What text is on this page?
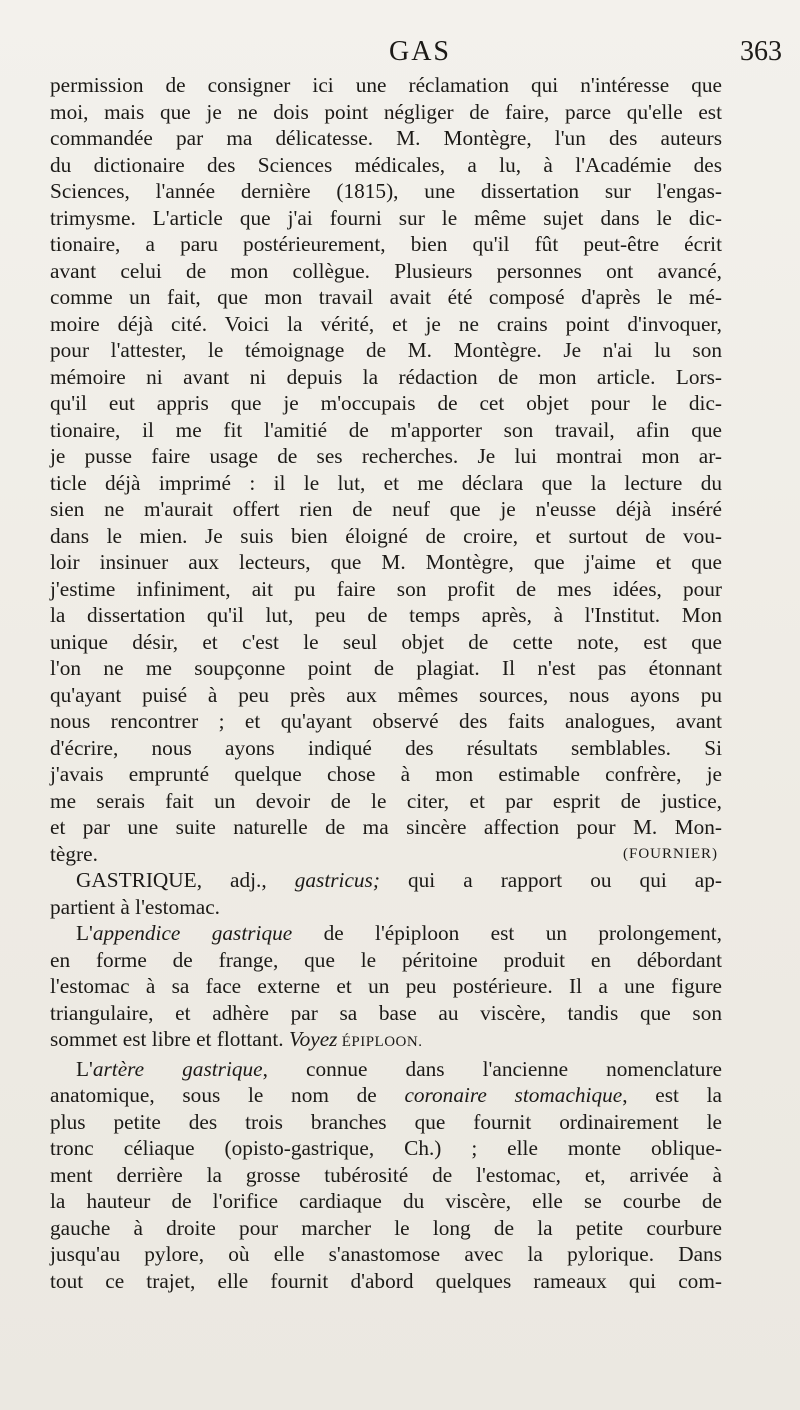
GAS	363
permission de consigner ici une réclamation qui n'intéresse que
moi, mais que je ne dois point négliger de faire, parce qu'elle est
commandée par ma délicatesse. M. Montègre, l'un des auteurs
du dictionaire des Sciences médicales, a lu, à l'Académie des
Sciences, l'année dernière (1815), une dissertation sur l'engas-
trimysme. L'article que j'ai fourni sur le même sujet dans le dic-
tionaire, a paru postérieurement, bien qu'il fût peut-être écrit
avant celui de mon collègue. Plusieurs personnes ont avancé,
comme un fait, que mon travail avait été composé d'après le mé-
moire déjà cité. Voici la vérité, et je ne crains point d'invoquer,
pour l'attester, le témoignage de M. Montègre. Je n'ai lu son
mémoire ni avant ni depuis la rédaction de mon article. Lors-
qu'il eut appris que je m'occupais de cet objet pour le dic-
tionaire, il me fit l'amitié de m'apporter son travail, afin que
je pusse faire usage de ses recherches. Je lui montrai mon ar-
ticle déjà imprimé : il le lut, et me déclara que la lecture du
sien ne m'aurait offert rien de neuf que je n'eusse déjà inséré
dans le mien. Je suis bien éloigné de croire, et surtout de vou-
loir insinuer aux lecteurs, que M. Montègre, que j'aime et que
j'estime infiniment, ait pu faire son profit de mes idées, pour
la dissertation qu'il lut, peu de temps après, à l'Institut. Mon
unique désir, et c'est le seul objet de cette note, est que
l'on ne me soupçonne point de plagiat. Il n'est pas étonnant
qu'ayant puisé à peu près aux mêmes sources, nous ayons pu
nous rencontrer ; et qu'ayant observé des faits analogues, avant
d'écrire, nous ayons indiqué des résultats semblables. Si
j'avais emprunté quelque chose à mon estimable confrère, je
me serais fait un devoir de le citer, et par esprit de justice,
et par une suite naturelle de ma sincère affection pour M. Mon-
tègre.	(FOURNIER)
GASTRIQUE, adj., gastricus; qui a rapport ou qui ap-
partient à l'estomac.
L'appendice gastrique de l'épiploon est un prolongement,
en forme de frange, que le péritoine produit en débordant
l'estomac à sa face externe et un peu postérieure. Il a une figure
triangulaire, et adhère par sa base au viscère, tandis que son
sommet est libre et flottant. Voyez ÉPIPLOON.
L'artère gastrique, connue dans l'ancienne nomenclature
anatomique, sous le nom de coronaire stomachique, est la
plus petite des trois branches que fournit ordinairement le
tronc céliaque (opisto-gastrique, Ch.) ; elle monte oblique-
ment derrière la grosse tubérosité de l'estomac, et, arrivée à
la hauteur de l'orifice cardiaque du viscère, elle se courbe de
gauche à droite pour marcher le long de la petite courbure
jusqu'au pylore, où elle s'anastomose avec la pylorique. Dans
tout ce trajet, elle fournit d'abord quelques rameaux qui com-
